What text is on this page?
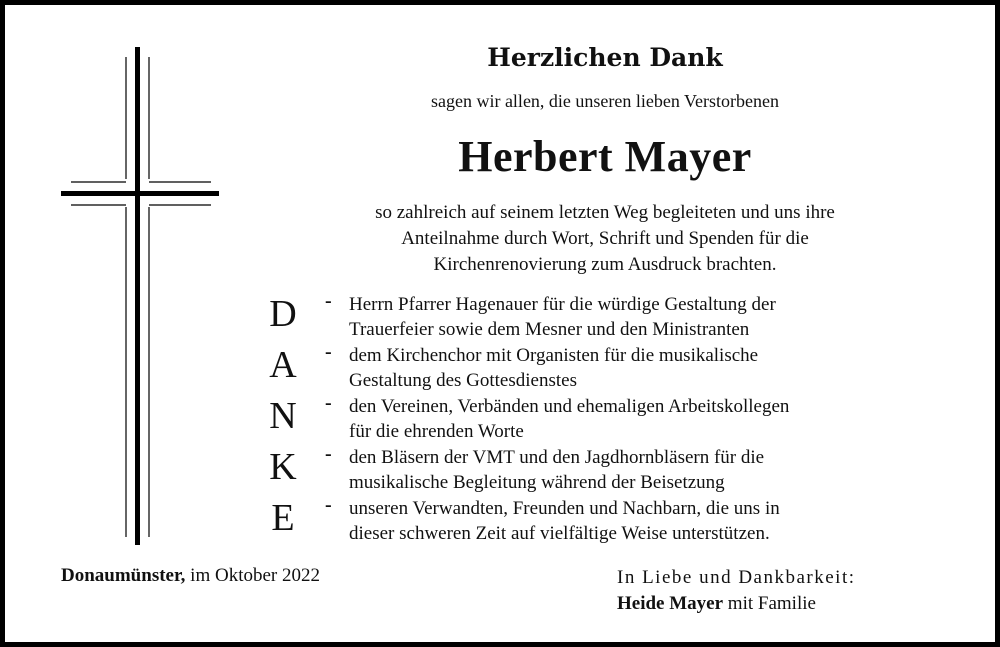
Herzlichen Dank
sagen wir allen, die unseren lieben Verstorbenen
Herbert Mayer
so zahlreich auf seinem letzten Weg begleiteten und uns ihre
Anteilnahme durch Wort, Schrift und Spenden für die
Kirchenrenovierung zum Ausdruck brachten.
D
A
N
K
E
- Herrn Pfarrer Hagenauer für die würdige Gestaltung der
Trauerfeier sowie dem Mesner und den Ministranten
- dem Kirchenchor mit Organisten für die musikalische
Gestaltung des Gottesdienstes
- den Vereinen, Verbänden und ehemaligen Arbeitskollegen
für die ehrenden Worte
- den Bläsern der VMT und den Jagdhornbläsern für die
musikalische Begleitung während der Beisetzung
- unseren Verwandten, Freunden und Nachbarn, die uns in
dieser schweren Zeit auf vielfältige Weise unterstützen.
Donaumünster, im Oktober 2022	In Liebe und Dankbarkeit:
Heide Mayer mit Familie
